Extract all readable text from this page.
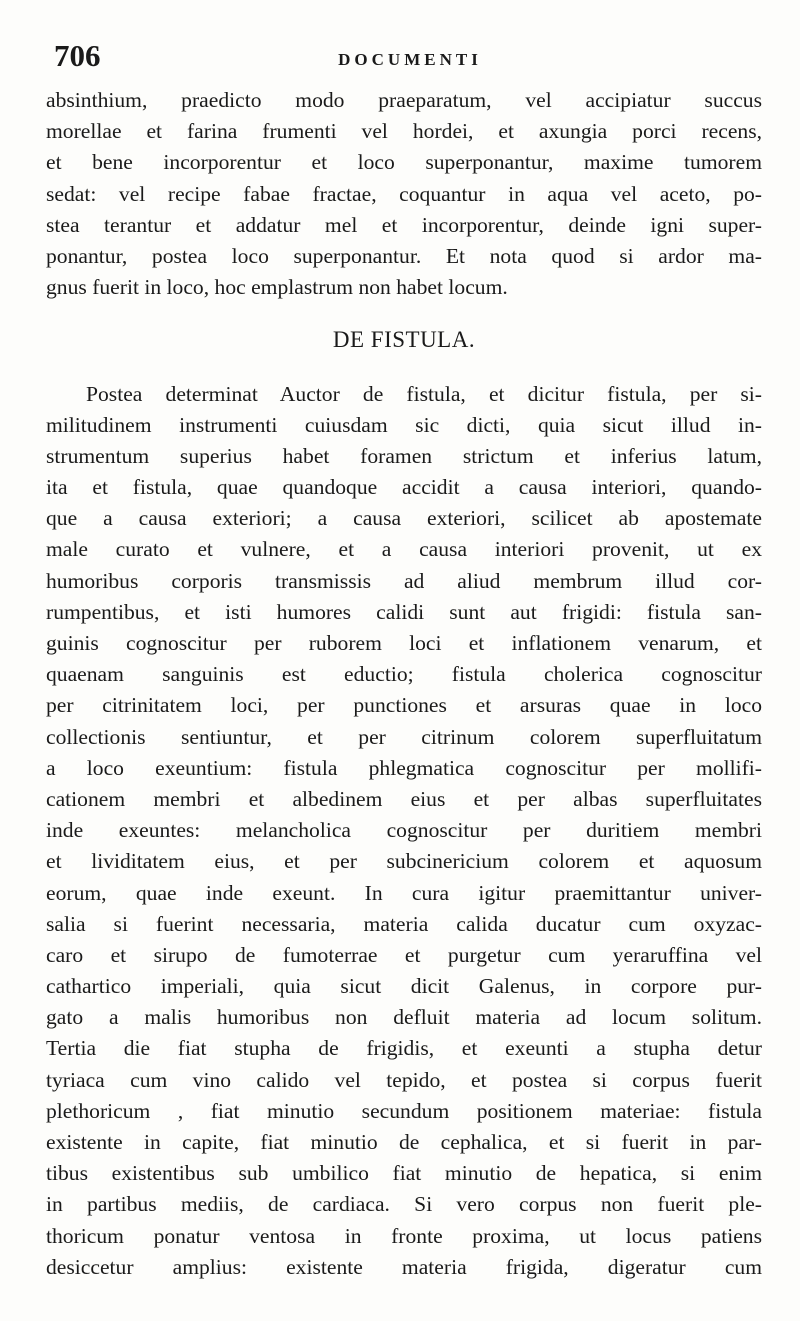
706	DOCUMENTI
absinthium, praedicto modo praeparatum, vel accipiatur succus
morellae et farina frumenti vel hordei, et axungia porci recens,
et bene incorporentur et loco superponantur, maxime tumorem
sedat: vel recipe fabae fractae, coquantur in aqua vel aceto, po-
stea terantur et addatur mel et incorporentur, deinde igni super-
ponantur, postea loco superponantur. Et nota quod si ardor ma-
gnus fuerit in loco, hoc emplastrum non habet locum.
DE FISTULA.
Postea determinat Auctor de fistula, et dicitur fistula, per si-
militudinem instrumenti cuiusdam sic dicti, quia sicut illud in-
strumentum superius habet foramen strictum et inferius latum,
ita et fistula, quae quandoque accidit a causa interiori, quando-
que a causa exteriori; a causa exteriori, scilicet ab apostemate
male curato et vulnere, et a causa interiori provenit, ut ex
humoribus corporis transmissis ad aliud membrum illud cor-
rumpentibus, et isti humores calidi sunt aut frigidi: fistula san-
guinis cognoscitur per ruborem loci et inflationem venarum, et
quaenam sanguinis est eductio; fistula cholerica cognoscitur
per citrinitatem loci, per punctiones et arsuras quae in loco
collectionis sentiuntur, et per citrinum colorem superfluitatum
a loco exeuntium: fistula phlegmatica cognoscitur per mollifi-
cationem membri et albedinem eius et per albas superfluitates
inde exeuntes: melancholica cognoscitur per duritiem membri
et lividitatem eius, et per subcinericium colorem et aquosum
eorum, quae inde exeunt. In cura igitur praemittantur univer-
salia si fuerint necessaria, materia calida ducatur cum oxyzac-
caro et sirupo de fumoterrae et purgetur cum yeraruffina vel
cathartico imperiali, quia sicut dicit Galenus, in corpore pur-
gato a malis humoribus non defluit materia ad locum solitum.
Tertia die fiat stupha de frigidis, et exeunti a stupha detur
tyriaca cum vino calido vel tepido, et postea si corpus fuerit
plethoricum , fiat minutio secundum positionem materiae: fistula
existente in capite, fiat minutio de cephalica, et si fuerit in par-
tibus existentibus sub umbilico fiat minutio de hepatica, si enim
in partibus mediis, de cardiaca. Si vero corpus non fuerit ple-
thoricum ponatur ventosa in fronte proxima, ut locus patiens
desiccetur amplius: existente materia frigida, digeratur cum
